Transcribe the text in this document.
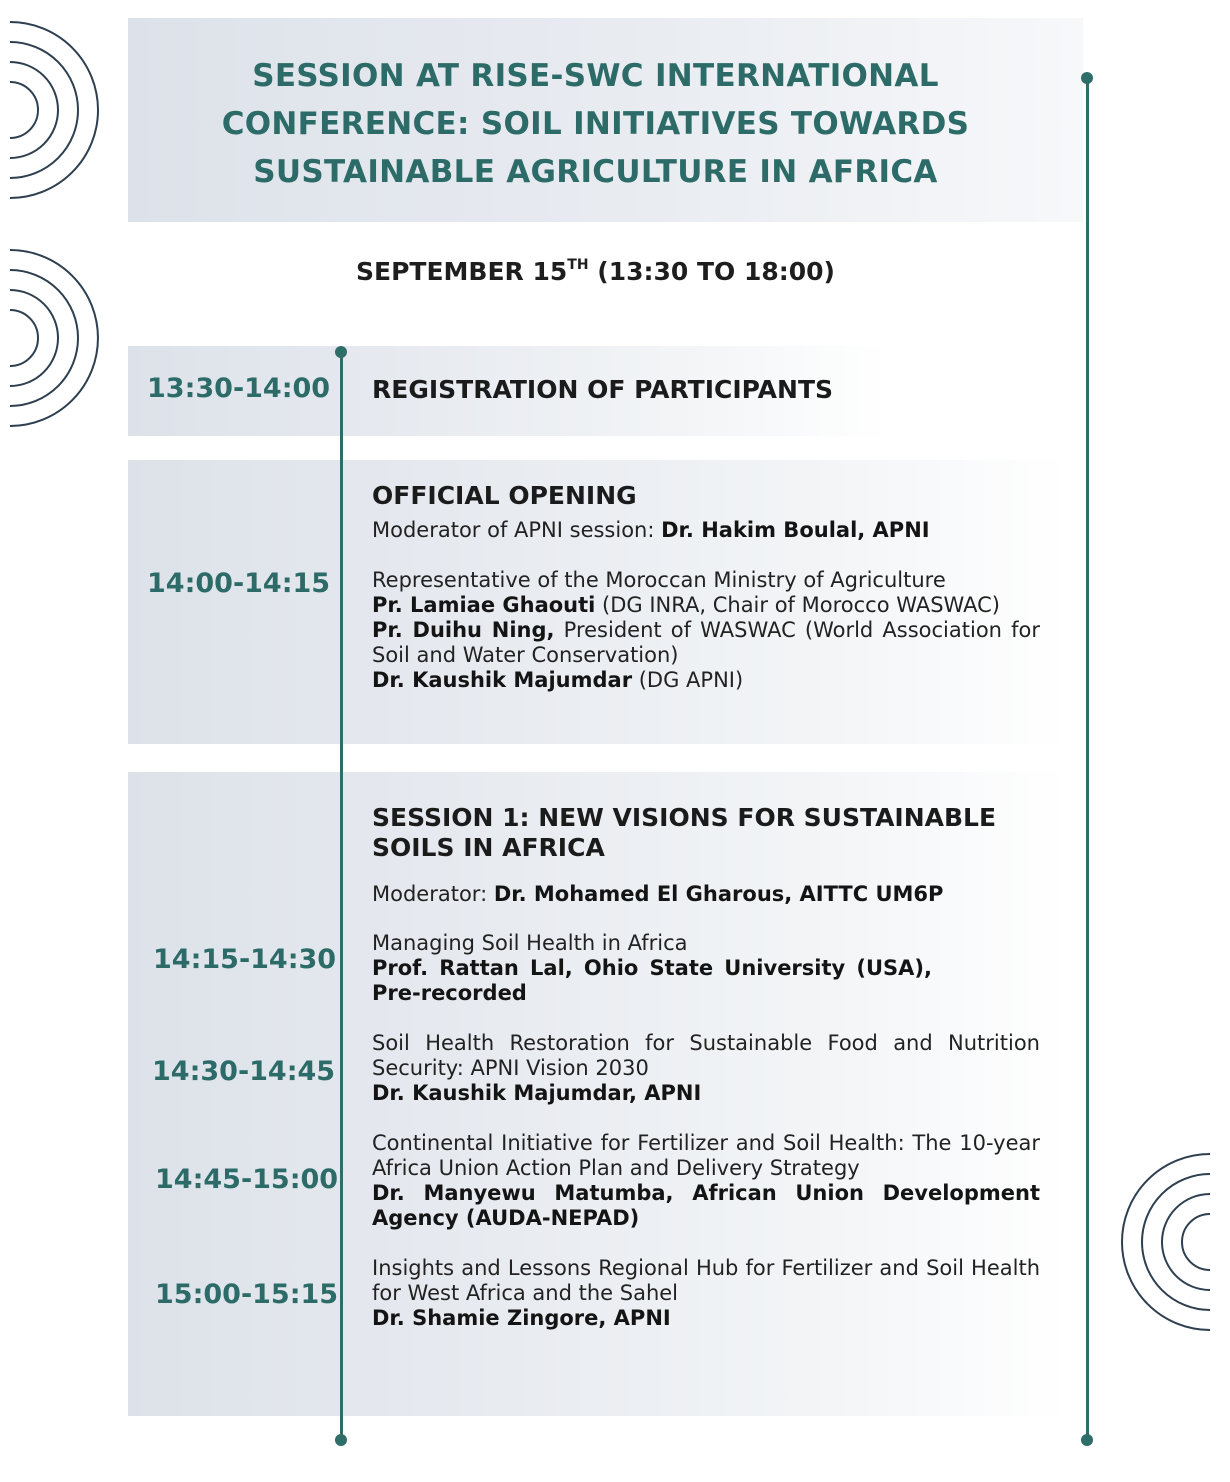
SESSION AT RISE-SWC INTERNATIONAL
CONFERENCE: SOIL INITIATIVES TOWARDS
SUSTAINABLE AGRICULTURE IN AFRICA
SEPTEMBER 15TH (13:30 TO 18:00)
13:30-14:00 REGISTRATION OF PARTICIPANTS
14:00-14:15
OFFICIAL OPENING
Moderator of APNI session: Dr. Hakim Boulal, APNI
Representative of the Moroccan Ministry of Agriculture
Pr. Lamiae Ghaouti (DG INRA, Chair of Morocco WASWAC)
Pr. Duihu Ning, President of WASWAC (World Association for Soil and Water Conservation)
Dr. Kaushik Majumdar (DG APNI)
SESSION 1: NEW VISIONS FOR SUSTAINABLE
SOILS IN AFRICA
Moderator: Dr. Mohamed El Gharous, AITTC UM6P
14:15-14:30
Managing Soil Health in Africa
Prof. Rattan Lal, Ohio State University (USA), Pre-recorded
14:30-14:45
Soil Health Restoration for Sustainable Food and Nutrition Security: APNI Vision 2030
Dr. Kaushik Majumdar, APNI
14:45-15:00
Continental Initiative for Fertilizer and Soil Health: The 10-year Africa Union Action Plan and Delivery Strategy
Dr. Manyewu Matumba, African Union Development Agency (AUDA-NEPAD)
15:00-15:15
Insights and Lessons Regional Hub for Fertilizer and Soil Health for West Africa and the Sahel
Dr. Shamie Zingore, APNI
